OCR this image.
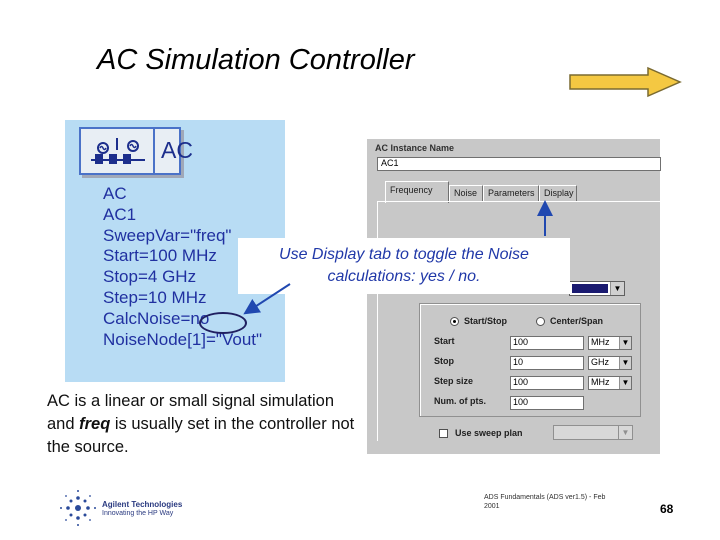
AC Simulation Controller
AC
AC
AC1
SweepVar="freq"
Start=100 MHz
Stop=4 GHz
Step=10 MHz
CalcNoise=no
NoiseNode[1]="Vout"
AC Instance Name
AC1
Frequency	Noise	Parameters	Display
▼
Start/Stop	Center/Span
Start	100	MHz	▼
Stop	10	GHz	▼
Step size	100	MHz	▼
Num. of pts.	100
Use sweep plan	▼
Use Display tab to toggle the Noise
calculations: yes / no.
AC is a linear or small signal simulation and freq is usually set in the controller not the source.
Agilent Technologies
Innovating the HP Way
ADS Fundamentals (ADS ver1.5) - Feb
2001	68
